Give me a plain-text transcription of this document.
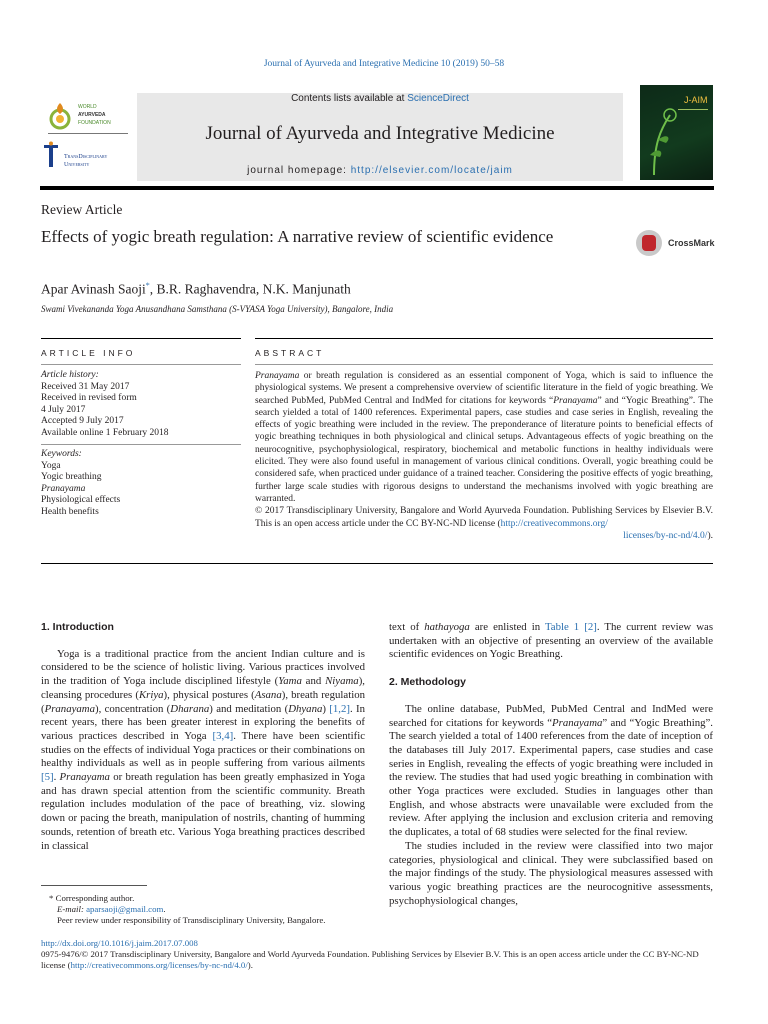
Journal of Ayurveda and Integrative Medicine 10 (2019) 50–58
WORLD
AYURVEDA
FOUNDATION
TransDisciplinary
University
Contents lists available at ScienceDirect
Journal of Ayurveda and Integrative Medicine
journal homepage: http://elsevier.com/locate/jaim
J-AIM
Review Article
Effects of yogic breath regulation: A narrative review of scientific evidence	CrossMark
Apar Avinash Saoji*, B.R. Raghavendra, N.K. Manjunath
Swami Vivekananda Yoga Anusandhana Samsthana (S-VYASA Yoga University), Bangalore, India
ARTICLE INFO	ABSTRACT
Article history:
Received 31 May 2017
Received in revised form
4 July 2017
Accepted 9 July 2017
Available online 1 February 2018
Keywords:
Yoga
Yogic breathing
Pranayama
Physiological effects
Health benefits

Pranayama or breath regulation is considered as an essential component of Yoga, which is said to influence the physiological systems. We present a comprehensive overview of scientific literature in the field of yogic breathing. We searched PubMed, PubMed Central and IndMed for citations for keywords “Pranayama” and “Yogic Breathing”. The search yielded a total of 1400 references. Experimental papers, case studies and case series in English, revealing the effects of yogic breathing were included in the review. The preponderance of literature points to beneficial effects of yogic breathing techniques in both physiological and clinical setups. Advantageous effects of yogic breathing on the neurocognitive, psychophysiological, respiratory, biochemical and metabolic functions in healthy individuals were elicited. They were also found useful in management of various clinical conditions. Overall, yogic breathing could be considered safe, when practiced under guidance of a trained teacher. Considering the positive effects of yogic breathing, further large scale studies with rigorous designs to understand the mechanisms involved with yogic breathing are warranted.

© 2017 Transdisciplinary University, Bangalore and World Ayurveda Foundation. Publishing Services by Elsevier B.V. This is an open access article under the CC BY-NC-ND license (http://creativecommons.org/

licenses/by-nc-nd/4.0/).

1. Introduction

Yoga is a traditional practice from the ancient Indian culture and is considered to be the science of holistic living. Various practices involved in the tradition of Yoga include disciplined lifestyle (Yama and Niyama), cleansing procedures (Kriya), physical postures (Asana), breath regulation (Pranayama), concentration (Dharana) and meditation (Dhyana) [1,2]. In recent years, there has been greater interest in exploring the benefits of various practices described in Yoga [3,4]. There have been scientific studies on the effects of individual Yoga practices or their combinations on healthy individuals as well as in people suffering from various ailments [5]. Pranayama or breath regulation has been greatly emphasized in Yoga and has drawn special attention from the scientific community. Breath regulation includes modulation of the pace of breathing, viz. slowing down or pacing the breath, manipulation of nostrils, chanting of humming sounds, retention of breath etc. Various Yoga breathing practices described in classical

text of hathayoga are enlisted in Table 1 [2]. The current review was undertaken with an objective of presenting an overview of the available scientific evidences on Yogic Breathing.

2. Methodology

The online database, PubMed, PubMed Central and IndMed were searched for citations for keywords “Pranayama” and “Yogic Breathing”. The search yielded a total of 1400 references from the date of inception of the databases till July 2017. Experimental papers, case studies and case series in English, revealing the effects of yogic breathing were included in the review. The studies that had used yogic breathing in combination with other Yoga practices were excluded. Studies in languages other than English, and whose abstracts were unavailable were excluded from the review. After applying the inclusion and exclusion criteria and removing the duplicates, a total of 68 studies were selected for the final review.

The studies included in the review were classified into two major categories, physiological and clinical. They were subclassified based on the major findings of the study. The physiological measures assessed with various yogic breathing practices are the neurocognitive assessments, psychophysiological changes,

* Corresponding author.
E-mail: aparsaoji@gmail.com.
Peer review under responsibility of Transdisciplinary University, Bangalore.
http://dx.doi.org/10.1016/j.jaim.2017.07.008
0975-9476/© 2017 Transdisciplinary University, Bangalore and World Ayurveda Foundation. Publishing Services by Elsevier B.V. This is an open access article under the CC BY-NC-ND license (http://creativecommons.org/licenses/by-nc-nd/4.0/).
